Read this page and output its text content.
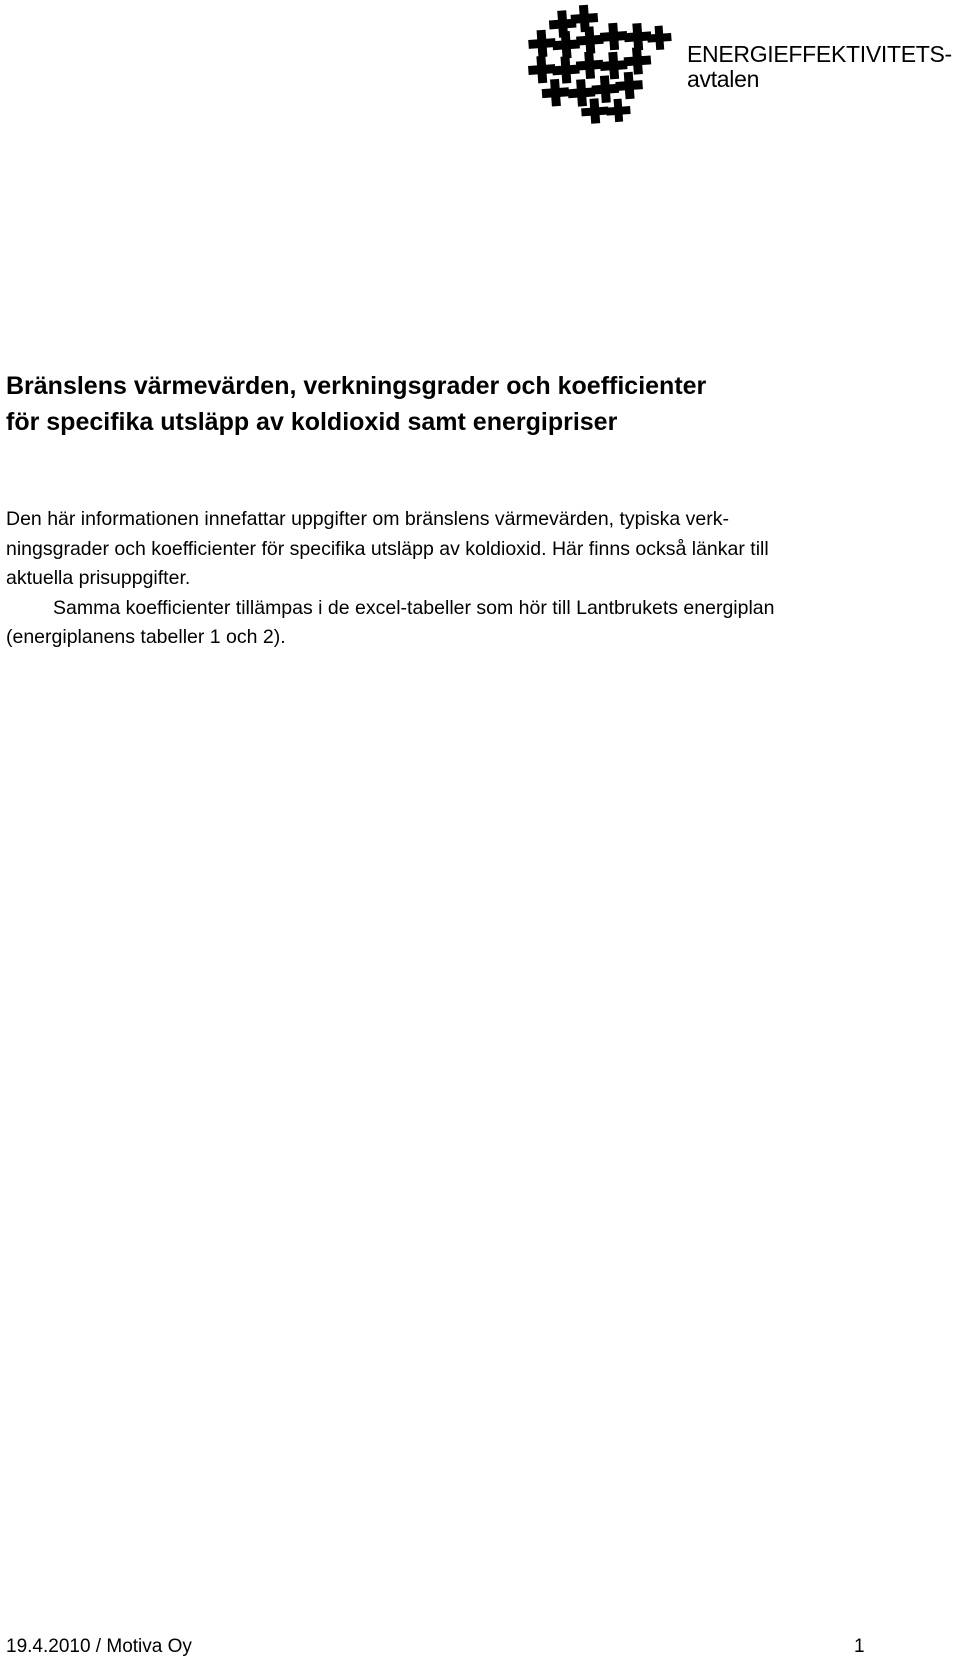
ENERGIEFFEKTIVITETS-
avtalen
Bränslens värmevärden, verkningsgrader och koefficienter
för specifika utsläpp av koldioxid samt energipriser
Den här informationen innefattar uppgifter om bränslens värmevärden, typiska verk-
ningsgrader och koefficienter för specifika utsläpp av koldioxid. Här finns också länkar till
aktuella prisuppgifter.
Samma koefficienter tillämpas i de excel-tabeller som hör till Lantbrukets energiplan
(energiplanens tabeller 1 och 2).
19.4.2010 / Motiva Oy	1
